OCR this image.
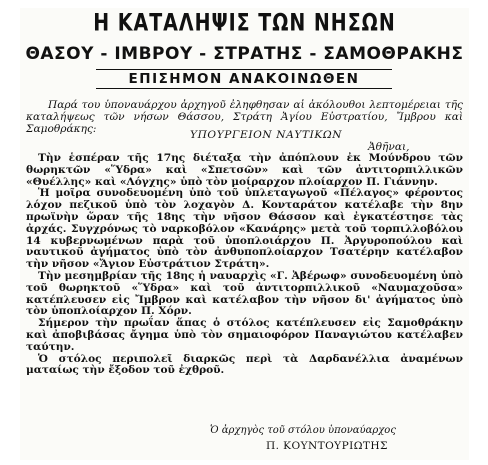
Η ΚΑΤΑΛΗΨΙΣ ΤΩΝ ΝΗΣΩΝ
ΘΑΣΟΥ - ΙΜΒΡΟΥ - ΣΤΡΑΤΗΣ - ΣΑΜΟΘΡΑΚΗΣ
ΕΠΙΣΗΜΟΝ ΑΝΑΚΟΙΝΩΘΕΝ

Παρά του ὑποναυάρχου ἀρχηγοῦ ἐληφθησαν αἱ ἀκόλουθοι λεπτομέρειαι τῆς καταλήψεως τῶν νήσων Θάσσου, Στράτη Ἀγίου Εὐστρατίου, Ἴμβρου καὶ Σαμοθράκης:

ΥΠΟΥΡΓΕΙΟΝ ΝΑΥΤΙΚΩΝ
Ἀθῆναι,

Τὴν ἑσπέραν τῆς 17ης διέταξα τὴν ἀπόπλουν ἐκ Μούνδρου τῶν θωρηκτῶν «Ὕδρα» καὶ «Σπετσῶν» καὶ τῶν ἀντιτορπιλλικῶν «Θυέλλης» καὶ «Λόγχης» ὑπὸ τὸν μοίραρχον πλοίαρχον Π. Γιάννην.

Ἡ μοῖρα συνοδευομένη ὑπὸ τοῦ ὑπλεταγωγοῦ «Πέλαγος» φέροντος λόχον πεζικοῦ ὑπὸ τὸν λοχαγὸν Δ. Κονταράτον κατέλαβε τὴν 8ην πρωϊνὴν ὥραν τῆς 18ης τὴν νῆσον Θάσσον καὶ ἐγκατέστησε τὰς ἀρχάς. Συγχρόνως τὸ ναρκοβόλον «Κανάρης» μετὰ τοῦ τορπιλλοβόλου 14 κυβερνωμένων παρὰ τοῦ ὑποπλοιάρχου Π. Ἀργυροπούλου καὶ ναυτικοῦ ἀγήματος ὑπὸ τὸν ἀνθυποπλοίαρχον Τσατέρην κατέλαβον τὴν νῆσον «Ἄγιον Εὐστράτιον Στράτη».

Τὴν μεσημβρίαν τῆς 18ης ἡ ναυαρχὶς «Γ. Ἀβέρωφ» συνοδευομένη ὑπὸ τοῦ θωρηκτοῦ «Ὕδρα» καὶ τοῦ ἀντιτορπιλλικοῦ «Ναυμαχοῦσα» κατέπλευσεν εἰς Ἴμβρον καὶ κατέλαβον τὴν νῆσον δι' ἀγήματος ὑπὸ τὸν ὑποπλοίαρχον Π. Χόρν.

Σήμερον τὴν πρωΐαν ἅπας ὁ στόλος κατέπλευσεν εἰς Σαμοθράκην καὶ ἀποβιβάσας ἄγημα ὑπὸ τὸν σημαιοφόρον Παναγιώτου κατέλαβεν ταύτην.

Ὁ στόλος περιπολεῖ διαρκῶς περὶ τὰ Δαρδανέλλια ἀναμένων ματαίως τὴν ἔξοδον τοῦ ἐχθροῦ.

Ὁ ἀρχηγὸς τοῦ στόλου ὑποναύαρχος
Π. ΚΟΥΝΤΟΥΡΙΩΤΗΣ
